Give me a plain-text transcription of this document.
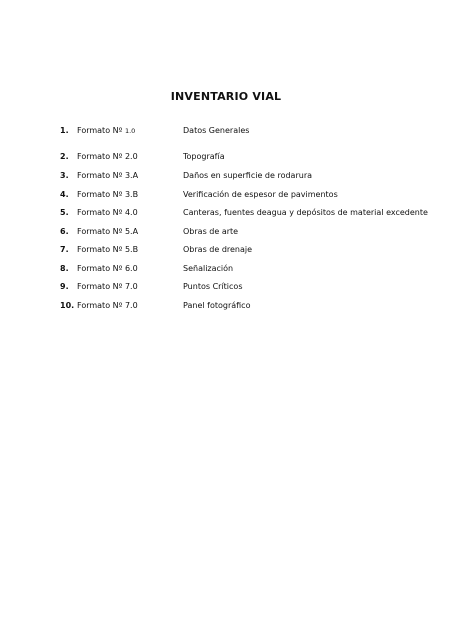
INVENTARIO VIAL
1. Formato Nº 1.0	Datos Generales
2. Formato Nº 2.0	Topografía
3. Formato Nº 3.A	Daños en superficie de rodarura
4. Formato Nº 3.B	Verificación de espesor de pavimentos
5. Formato Nº 4.0	Canteras, fuentes deagua y depósitos de material excedente
6. Formato Nº 5.A	Obras de arte
7. Formato Nº 5.B	Obras de drenaje
8. Formato Nº 6.0	Señalización
9. Formato Nº 7.0	Puntos Críticos
10. Formato Nº 7.0	Panel fotográfico
